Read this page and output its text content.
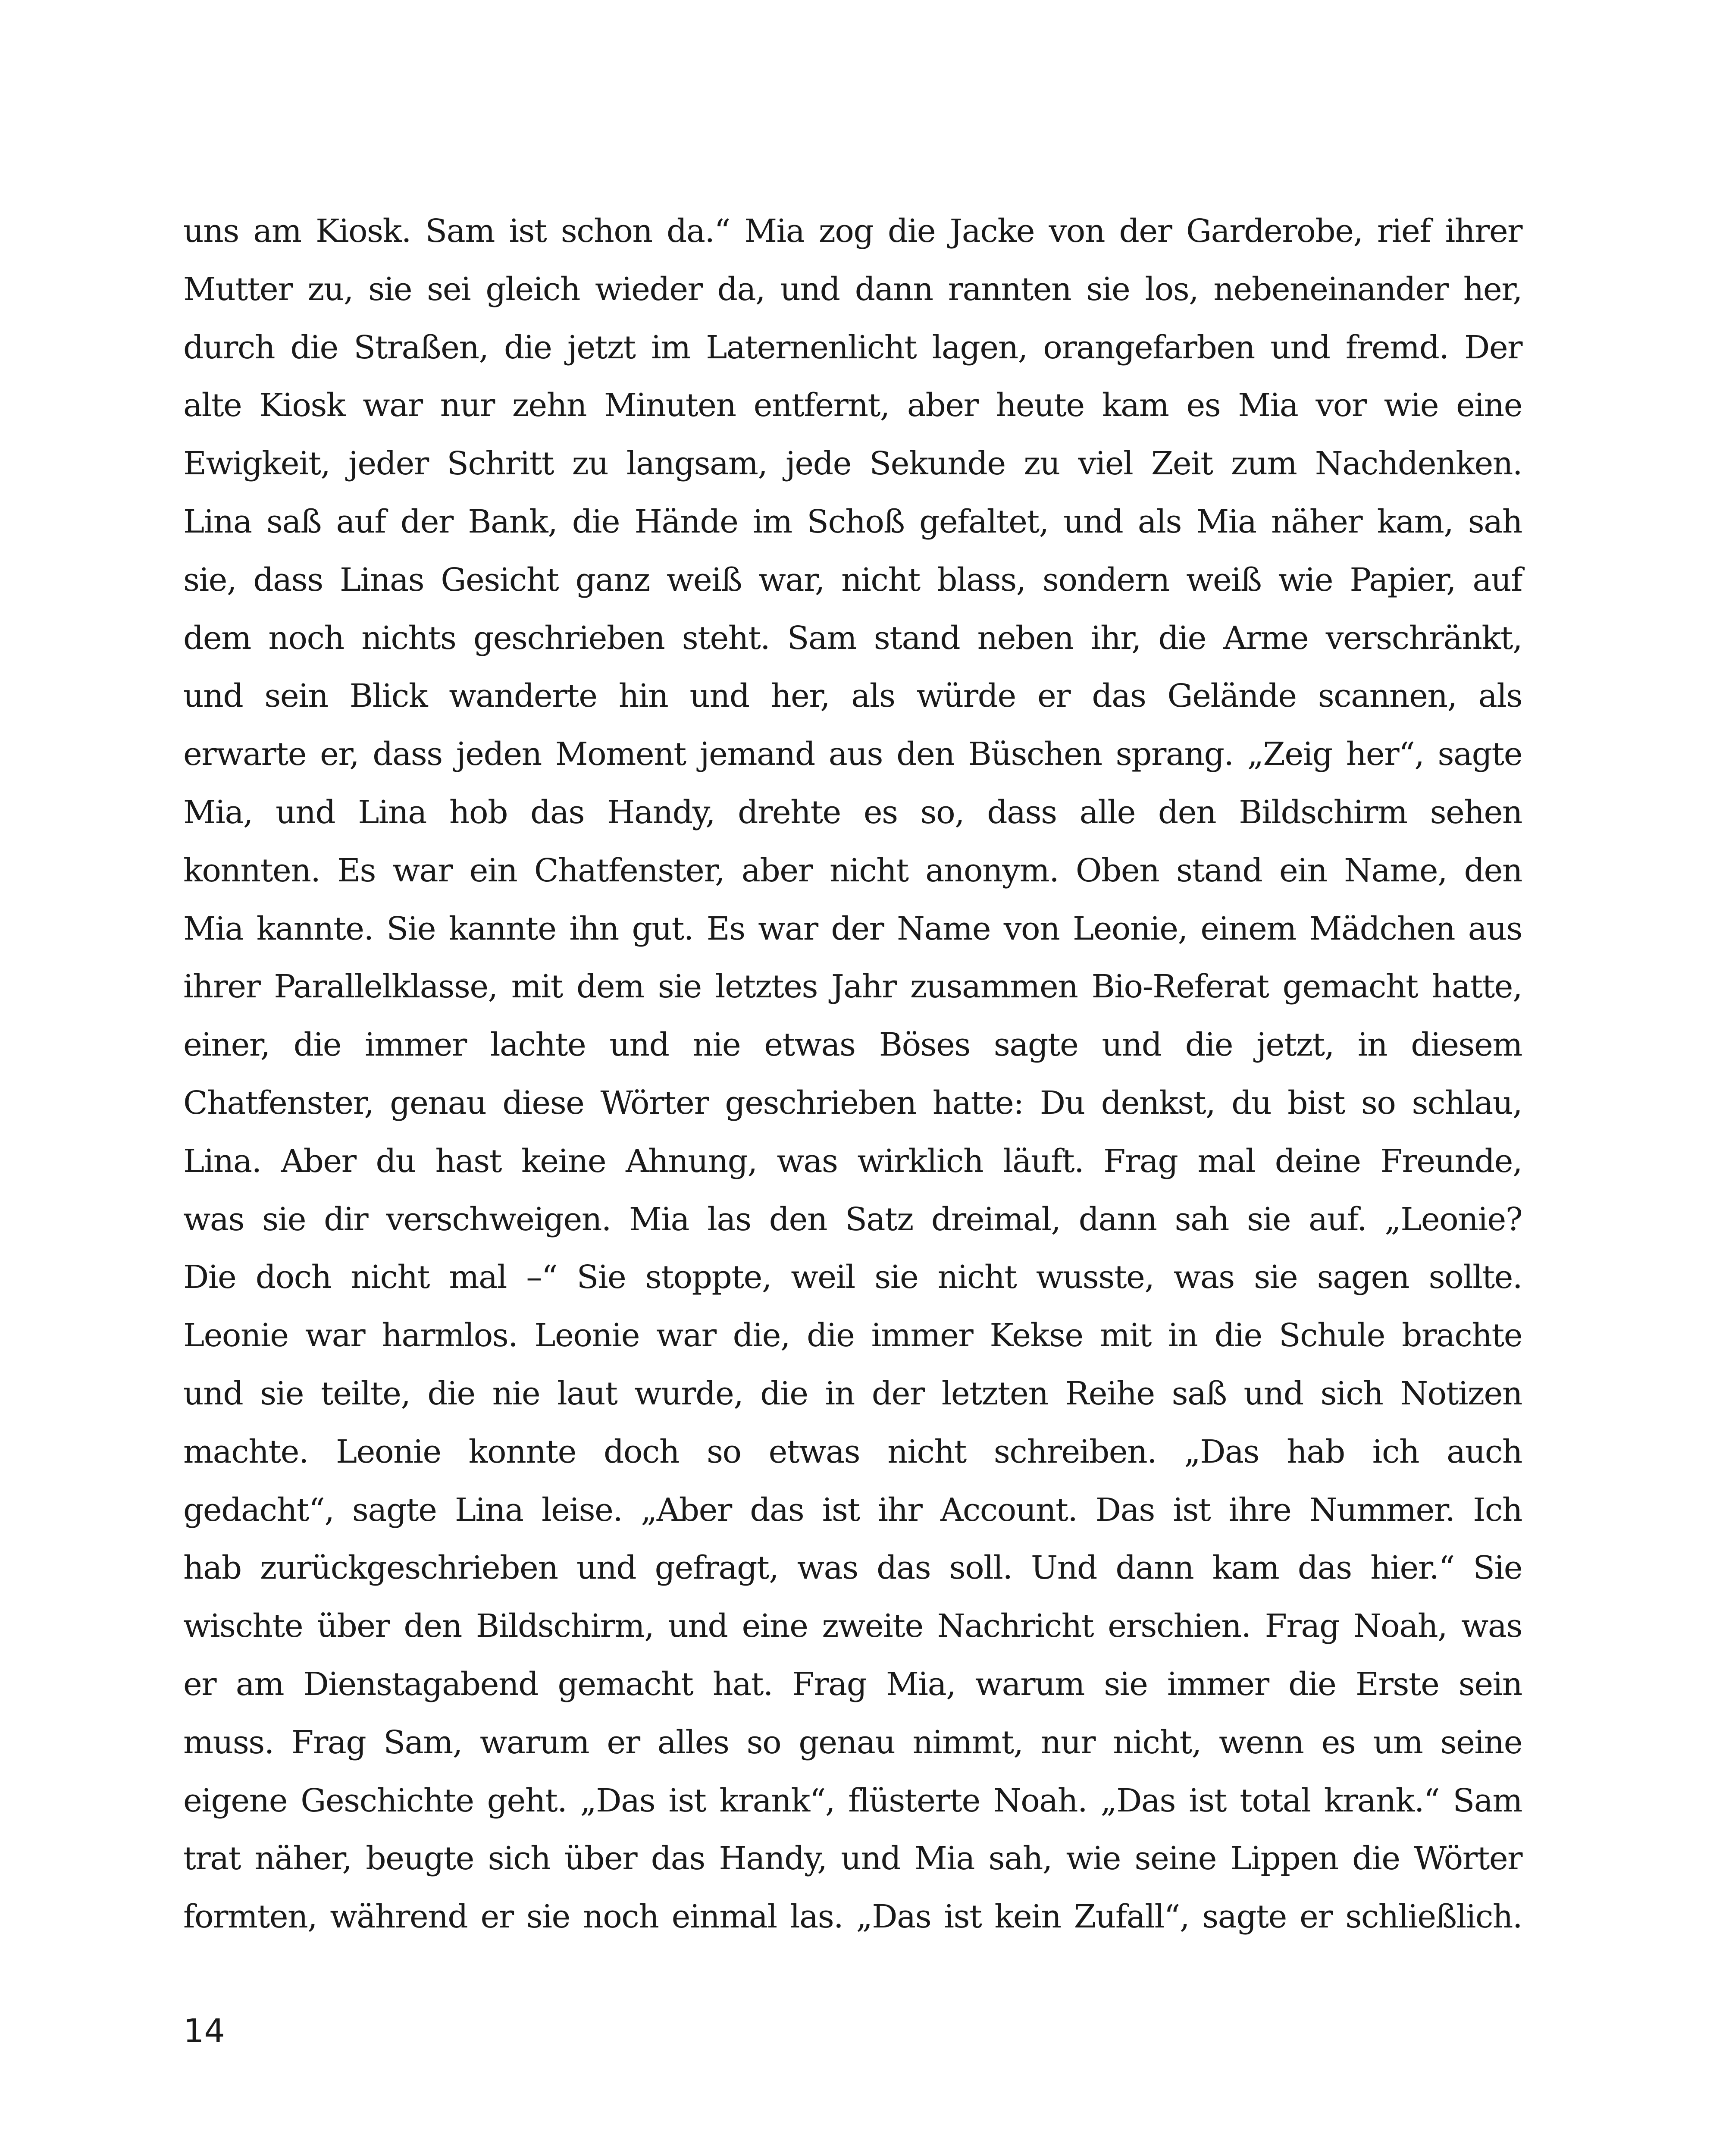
uns am Kiosk. Sam ist schon da.“ Mia zog die Jacke von der Garderobe, rief ihrer
Mutter zu, sie sei gleich wieder da, und dann rannten sie los, nebeneinander her,
durch die Straßen, die jetzt im Laternenlicht lagen, orangefarben und fremd. Der
alte Kiosk war nur zehn Minuten entfernt, aber heute kam es Mia vor wie eine
Ewigkeit, jeder Schritt zu langsam, jede Sekunde zu viel Zeit zum Nachdenken.
Lina saß auf der Bank, die Hände im Schoß gefaltet, und als Mia näher kam, sah
sie, dass Linas Gesicht ganz weiß war, nicht blass, sondern weiß wie Papier, auf
dem noch nichts geschrieben steht. Sam stand neben ihr, die Arme verschränkt,
und sein Blick wanderte hin und her, als würde er das Gelände scannen, als
erwarte er, dass jeden Moment jemand aus den Büschen sprang. „Zeig her“, sagte
Mia, und Lina hob das Handy, drehte es so, dass alle den Bildschirm sehen
konnten. Es war ein Chatfenster, aber nicht anonym. Oben stand ein Name, den
Mia kannte. Sie kannte ihn gut. Es war der Name von Leonie, einem Mädchen aus
ihrer Parallelklasse, mit dem sie letztes Jahr zusammen Bio-Referat gemacht hatte,
einer, die immer lachte und nie etwas Böses sagte und die jetzt, in diesem
Chatfenster, genau diese Wörter geschrieben hatte: Du denkst, du bist so schlau,
Lina. Aber du hast keine Ahnung, was wirklich läuft. Frag mal deine Freunde,
was sie dir verschweigen. Mia las den Satz dreimal, dann sah sie auf. „Leonie?
Die doch nicht mal –“ Sie stoppte, weil sie nicht wusste, was sie sagen sollte.
Leonie war harmlos. Leonie war die, die immer Kekse mit in die Schule brachte
und sie teilte, die nie laut wurde, die in der letzten Reihe saß und sich Notizen
machte. Leonie konnte doch so etwas nicht schreiben. „Das hab ich auch
gedacht“, sagte Lina leise. „Aber das ist ihr Account. Das ist ihre Nummer. Ich
hab zurückgeschrieben und gefragt, was das soll. Und dann kam das hier.“ Sie
wischte über den Bildschirm, und eine zweite Nachricht erschien. Frag Noah, was
er am Dienstagabend gemacht hat. Frag Mia, warum sie immer die Erste sein
muss. Frag Sam, warum er alles so genau nimmt, nur nicht, wenn es um seine
eigene Geschichte geht. „Das ist krank“, flüsterte Noah. „Das ist total krank.“ Sam
trat näher, beugte sich über das Handy, und Mia sah, wie seine Lippen die Wörter
formten, während er sie noch einmal las. „Das ist kein Zufall“, sagte er schließlich.
14
